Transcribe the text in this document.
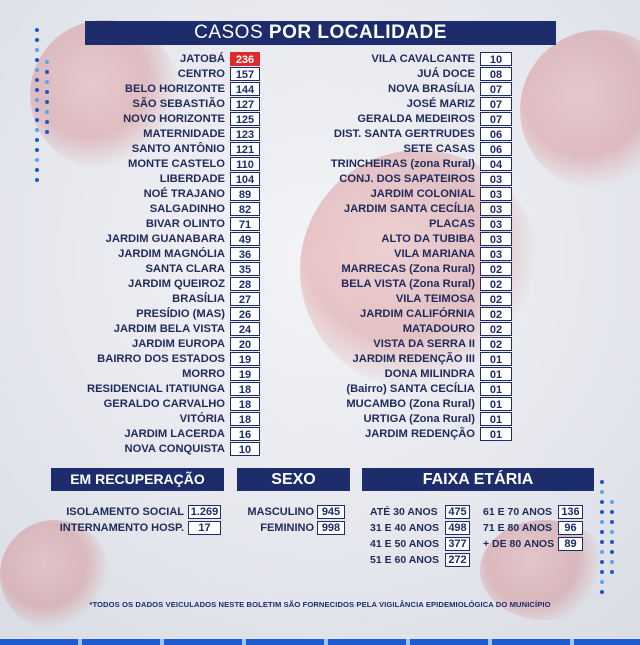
CASOS POR LOCALIDADE
JATOBÁ 236
CENTRO 157
BELO HORIZONTE 144
SÃO SEBASTIÃO 127
NOVO HORIZONTE 125
MATERNIDADE 123
SANTO ANTÔNIO 121
MONTE CASTELO	110
LIBERDADE 104
NOÉ TRAJANO	89
SALGADINHO	82
BIVAR OLINTO	71
JARDIM GUANABARA	49
JARDIM MAGNÓLIA	36
SANTA CLARA	35
JARDIM QUEIROZ	28
BRASÍLIA	27
PRESÍDIO (MAS)	26
JARDIM BELA VISTA	24
JARDIM EUROPA	20
BAIRRO DOS ESTADOS	19
MORRO	19
RESIDENCIAL ITATIUNGA	18
GERALDO CARVALHO	18
VITÓRIA	18
JARDIM LACERDA	16
NOVA CONQUISTA	10
VILA CAVALCANTE	10
JUÁ DOCE	08
NOVA BRASÍLIA	07
JOSÉ MARIZ	07
GERALDA MEDEIROS	07
DIST. SANTA GERTRUDES	06
SETE CASAS	06
TRINCHEIRAS (zona Rural)	04
CONJ. DOS SAPATEIROS	03
JARDIM COLONIAL	03
JARDIM SANTA CECÍLIA	03
PLACAS	03
ALTO DA TUBIBA	03
VILA MARIANA	03
MARRECAS (Zona Rural)	02
BELA VISTA (Zona Rural)	02
VILA TEIMOSA	02
JARDIM CALIFÓRNIA	02
MATADOURO	02
VISTA DA SERRA II	02
JARDIM REDENÇÃO III	01
DONA MILINDRA	01
(Bairro) SANTA CECÍLIA	01
MUCAMBO (Zona Rural)	01
URTIGA (Zona Rural)	01
JARDIM REDENÇÃO	01
EM RECUPERAÇÃO
ISOLAMENTO SOCIAL 1.269
INTERNAMENTO HOSP.	17
SEXO
MASCULINO 945
FEMININO 998
FAIXA ETÁRIA
ATÉ 30 ANOS 475
31 E 40 ANOS 498
41 E 50 ANOS 377
51 E 60 ANOS 272
61 E 70 ANOS 136
71 E 80 ANOS	96
+ DE 80 ANOS 89
*TODOS OS DADOS VEICULADOS NESTE BOLETIM SÃO FORNECIDOS PELA VIGILÂNCIA EPIDEMIOLÓGICA DO MUNICÍPIO
